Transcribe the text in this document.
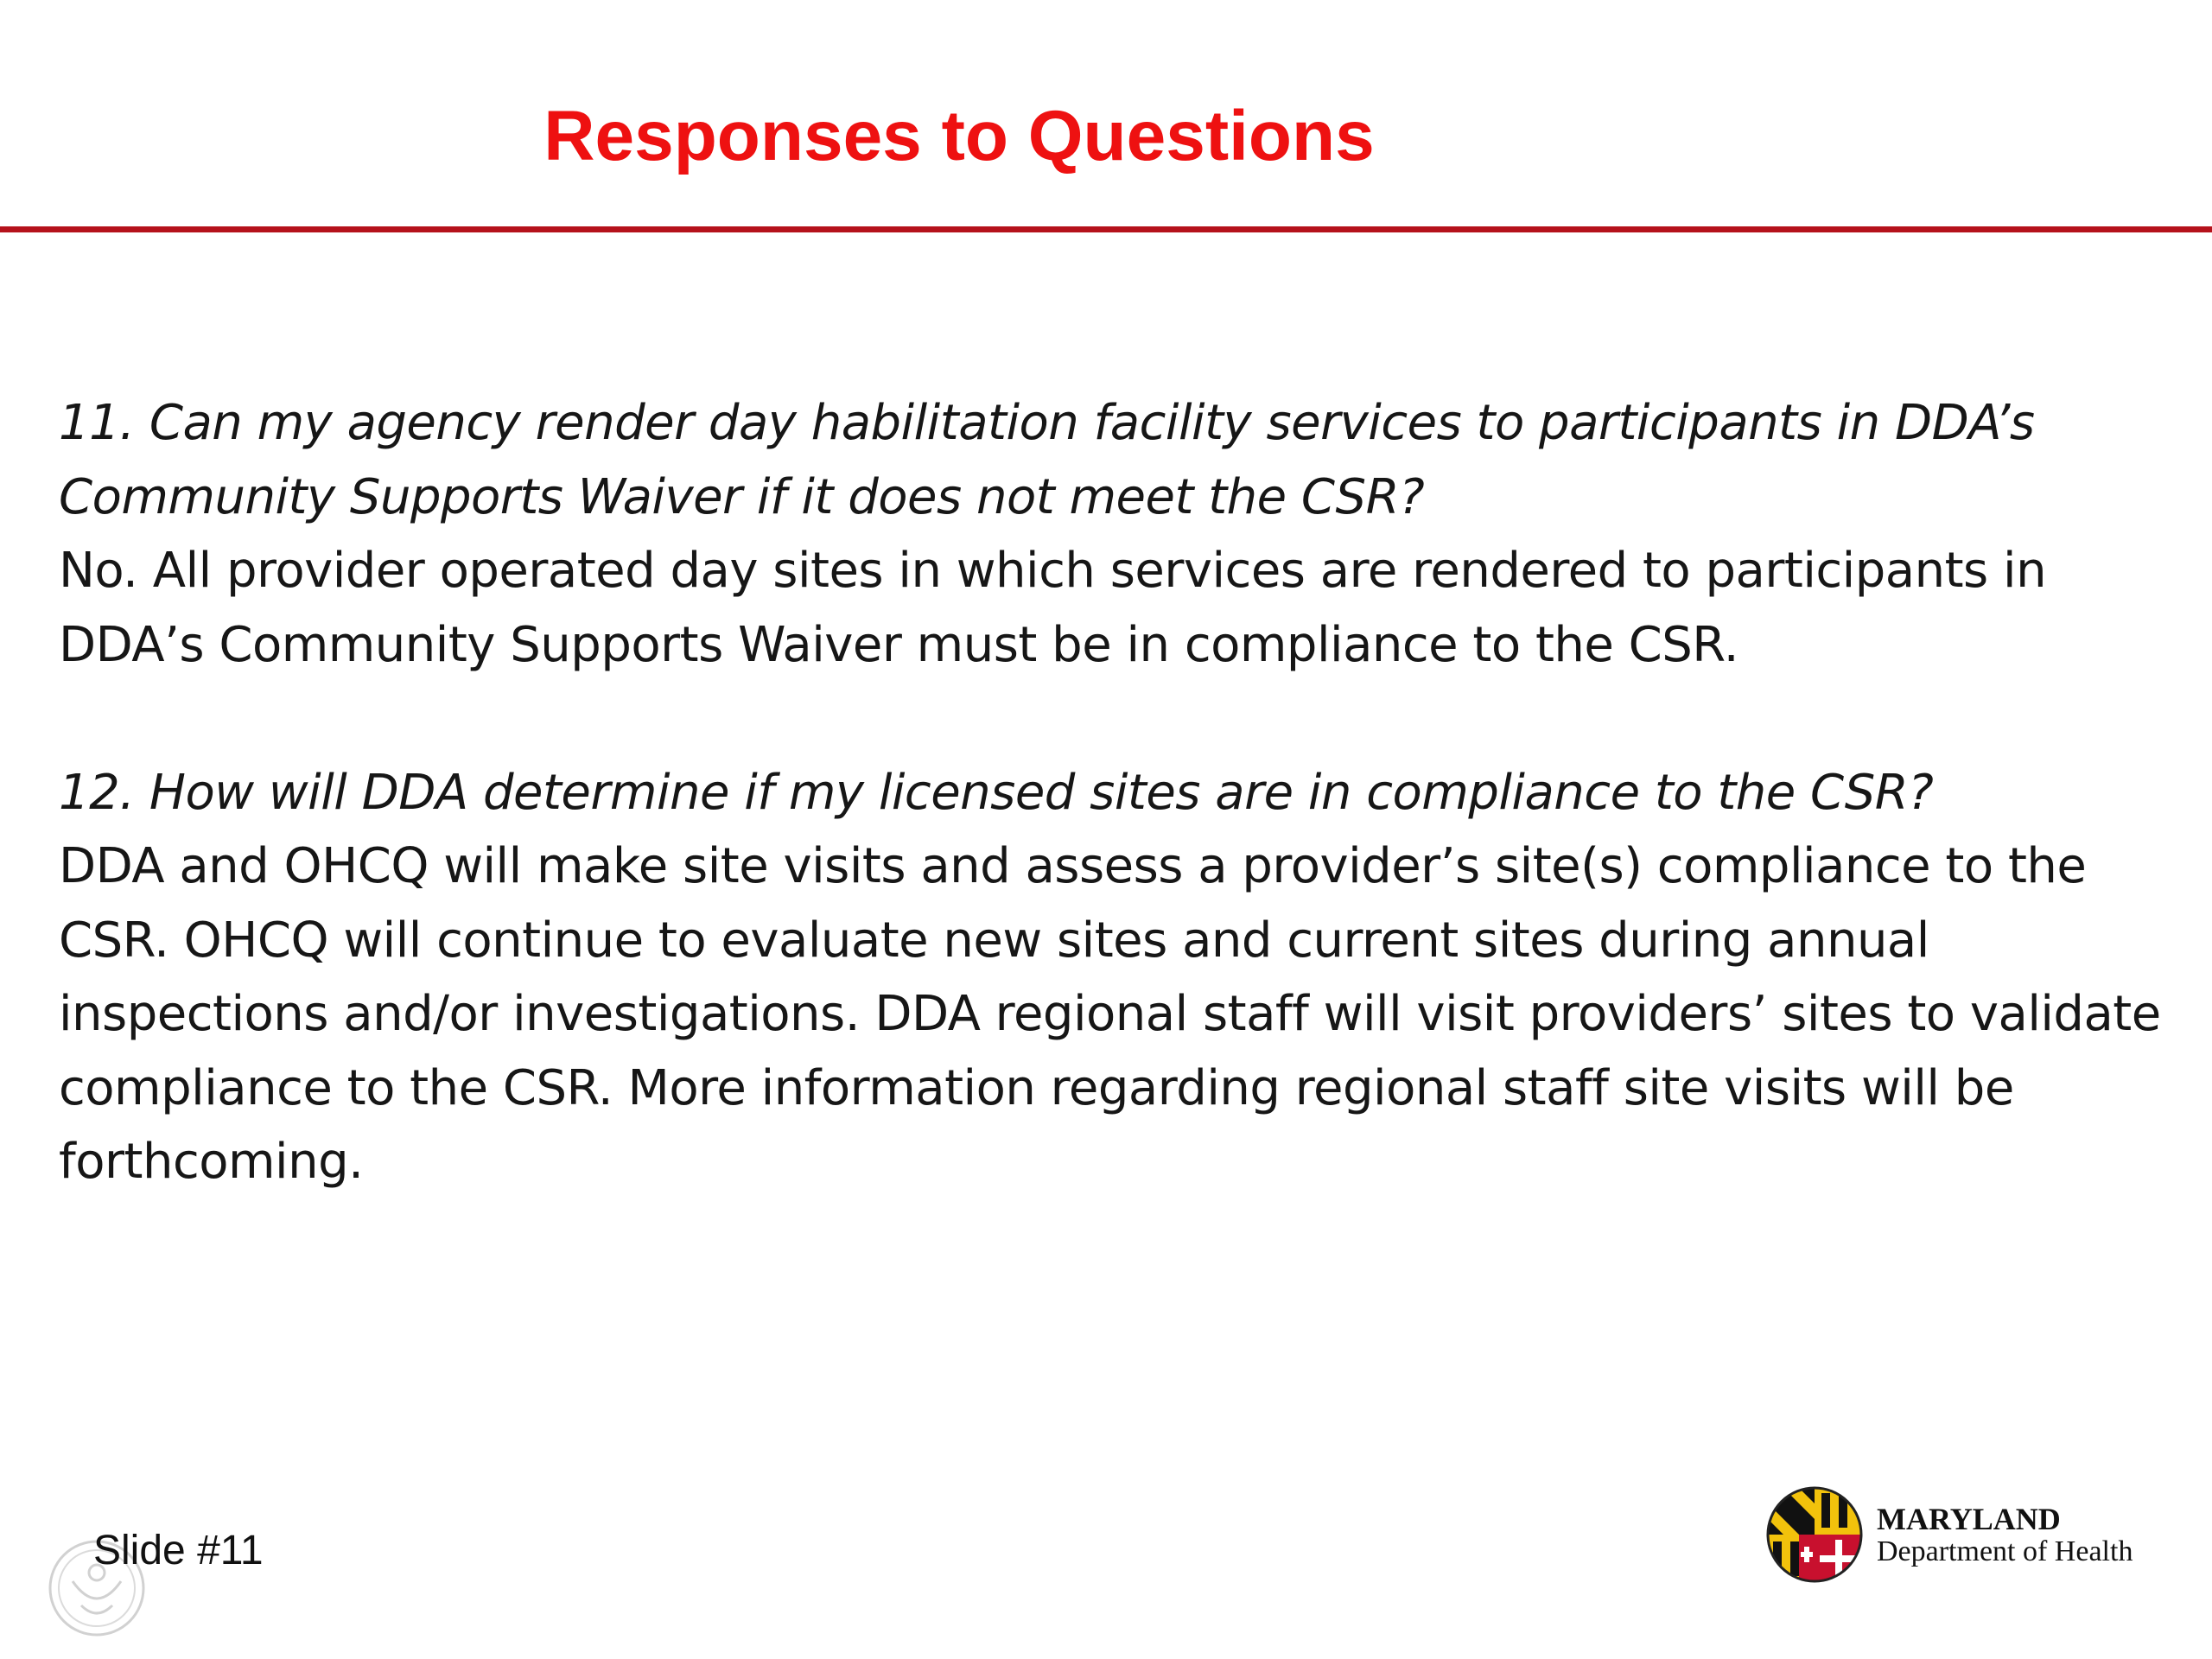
Responses to Questions
11. Can my agency render day habilitation facility services to participants in DDA’s Community Supports Waiver if it does not meet the CSR?
No. All provider operated day sites in which services are rendered to participants in DDA’s Community Supports Waiver must be in compliance to the CSR.
12. How will DDA determine if my licensed sites are in compliance to the CSR?
DDA and OHCQ will make site visits and assess a provider’s site(s) compliance to the CSR. OHCQ will continue to evaluate new sites and current sites during annual inspections and/or investigations. DDA regional staff will visit providers’ sites to validate compliance to the CSR. More information regarding regional staff site visits will be forthcoming.
Slide #11
MARYLAND
Department of Health
